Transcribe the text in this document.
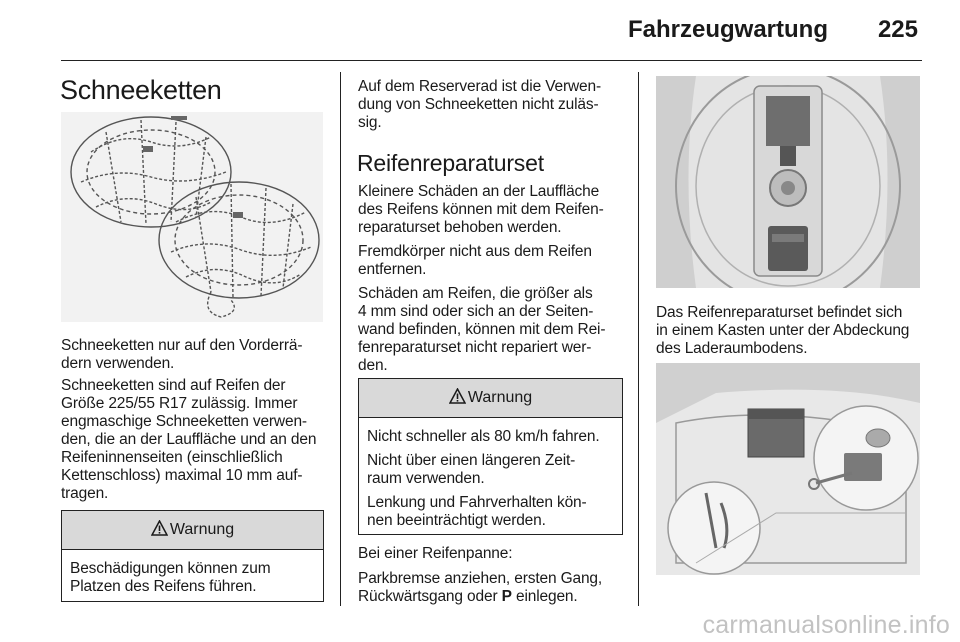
Fahrzeugwartung 225
Schneeketten

Schneeketten nur auf den Vorderrä- dern verwenden.

Schneeketten sind auf Reifen der
Größe 225/55 R17 zulässig. Immer
engmaschige Schneeketten verwen-
den, die an der Lauffläche und an den
Reifeninnenseiten (einschließlich
Kettenschloss) maximal 10 mm auf-
tragen.

Warnung

Beschädigungen können zum
Platzen des Reifens führen.

Auf dem Reserverad ist die Verwen-
dung von Schneeketten nicht zuläs-
sig.

Reifenreparaturset

Kleinere Schäden an der Lauffläche
des Reifens können mit dem Reifen-
reparaturset behoben werden.

Fremdkörper nicht aus dem Reifen
entfernen.

Schäden am Reifen, die größer als
4 mm sind oder sich an der Seiten-
wand befinden, können mit dem Rei-
fenreparaturset nicht repariert wer-
den.

Warnung

Nicht schneller als 80 km/h fahren.

Nicht über einen längeren Zeit-
raum verwenden.

Lenkung und Fahrverhalten kön-
nen beeinträchtigt werden.

Bei einer Reifenpanne:

Parkbremse anziehen, ersten Gang,
Rückwärtsgang oder P einlegen.

Das Reifenreparaturset befindet sich
in einem Kasten unter der Abdeckung
des Laderaumbodens.

carmanualsonline.info
